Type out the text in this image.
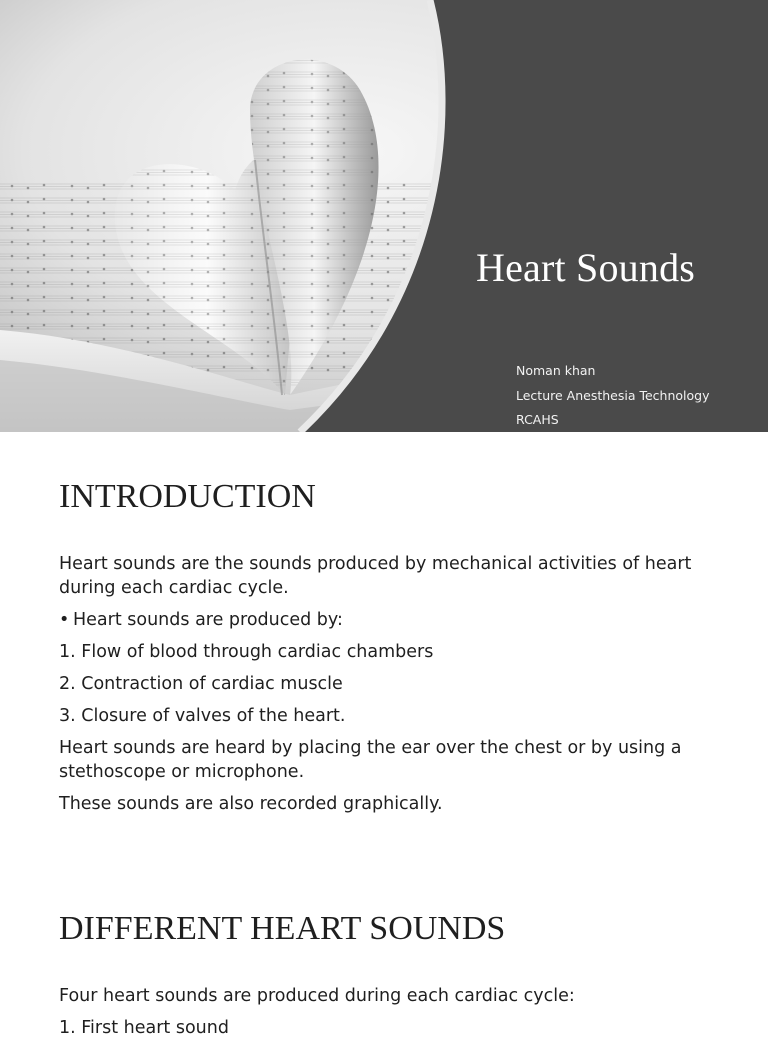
Heart Sounds
Noman khan
Lecture Anesthesia Technology
RCAHS
INTRODUCTION
Heart sounds are the sounds produced by mechanical activities of heart during each cardiac cycle.
• Heart sounds are produced by:
1. Flow of blood through cardiac chambers
2. Contraction of cardiac muscle
3. Closure of valves of the heart.
Heart sounds are heard by placing the ear over the chest or by using a stethoscope or microphone.
These sounds are also recorded graphically.
DIFFERENT HEART SOUNDS
Four heart sounds are produced during each cardiac cycle:
1. First heart sound
